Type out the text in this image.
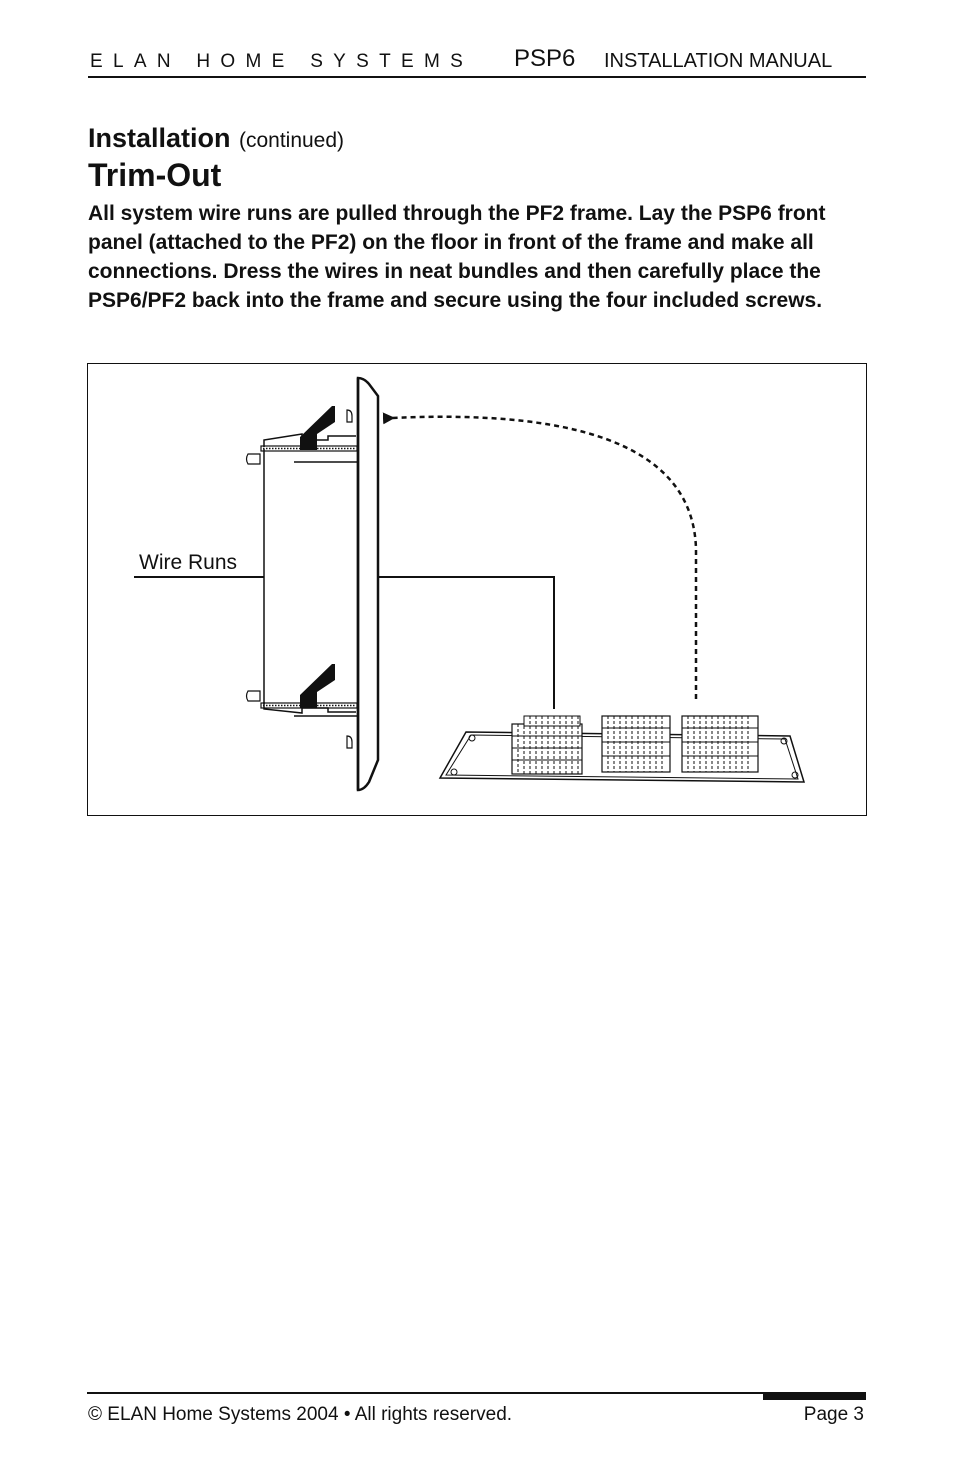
ELAN HOME SYSTEMS PSP6 INSTALLATION MANUAL
Installation (continued)
Trim-Out
All system wire runs are pulled through the PF2 frame. Lay the PSP6 front panel (attached to the PF2) on the floor in front of the frame and make all connections. Dress the wires in neat bundles and then carefully place the PSP6/PF2 back into the frame and secure using the four included screws.
Wire Runs
© ELAN Home Systems 2004 • All rights reserved.	Page 3
